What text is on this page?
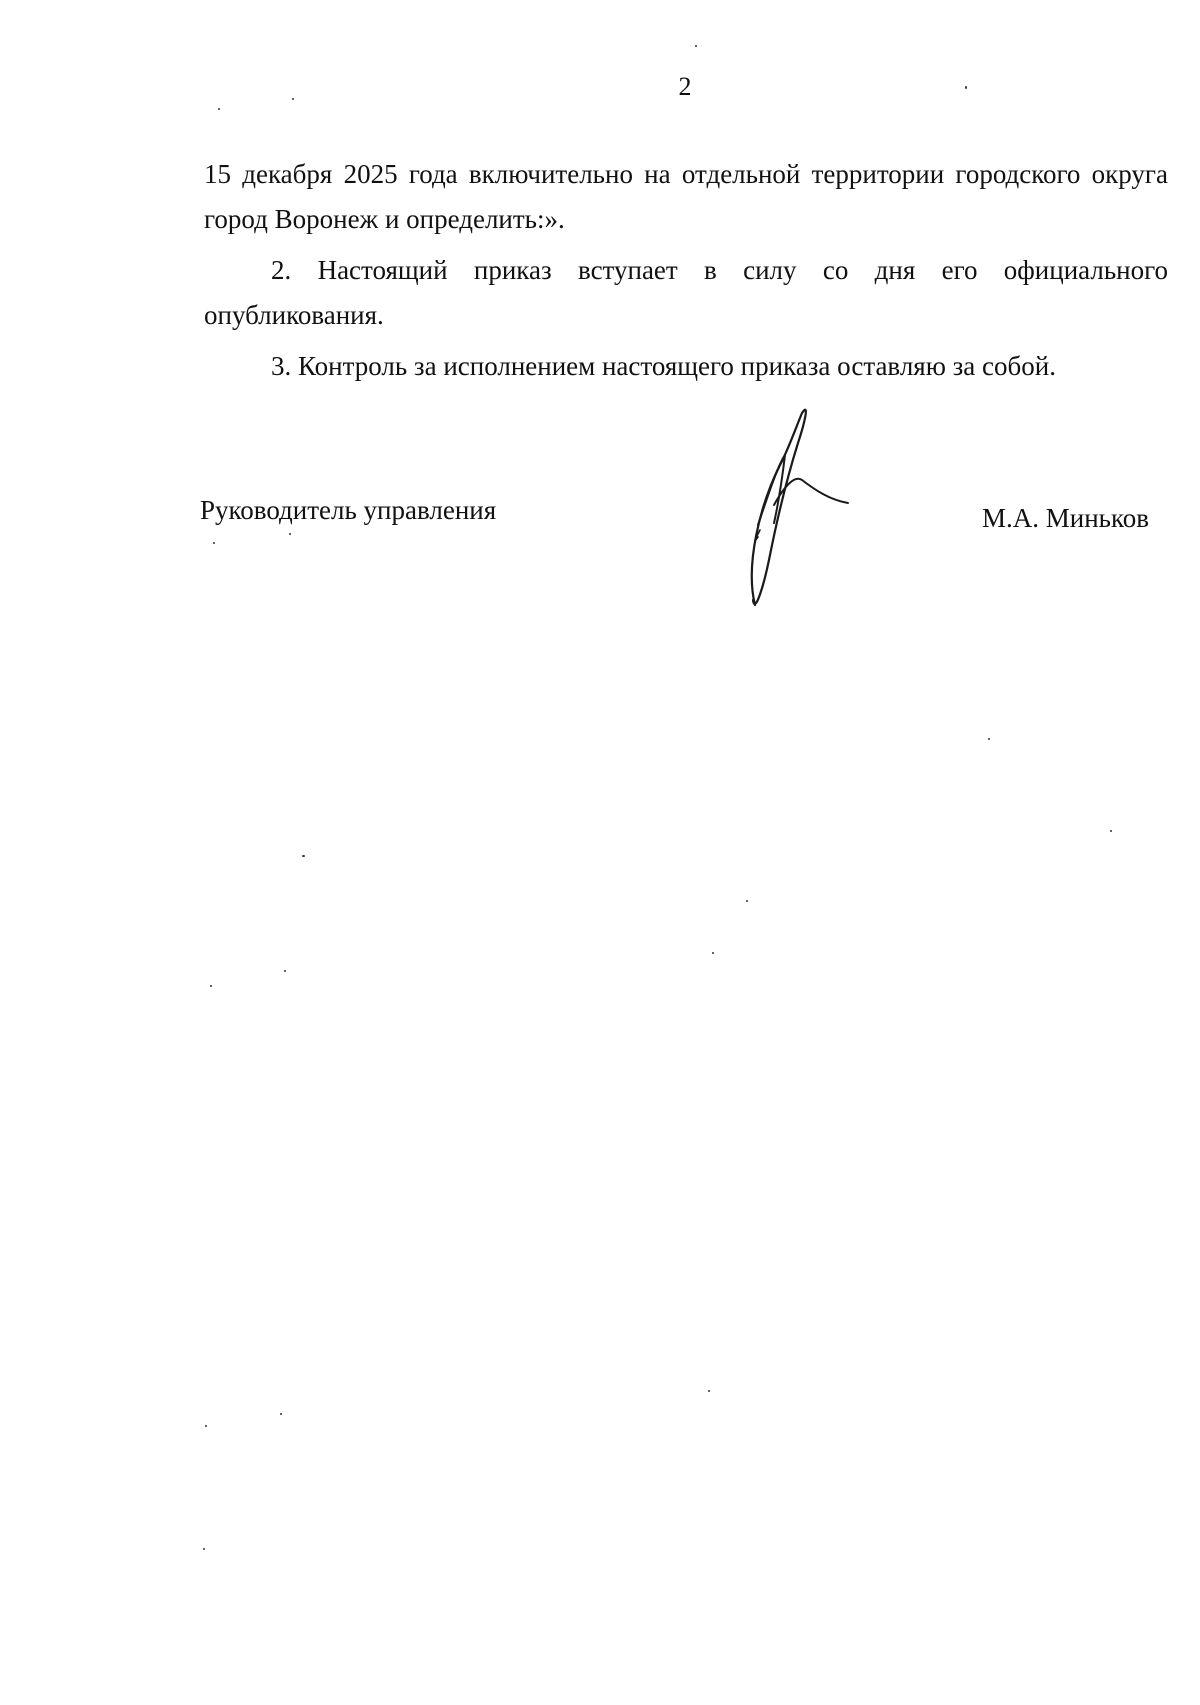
2

15 декабря 2025 года включительно на отдельной территории городского округа город Воронеж и определить:».

2. Настоящий приказ вступает в силу со дня его официального опубликования.

3. Контроль за исполнением настоящего приказа оставляю за собой.

Руководитель управления	М.А. Миньков
